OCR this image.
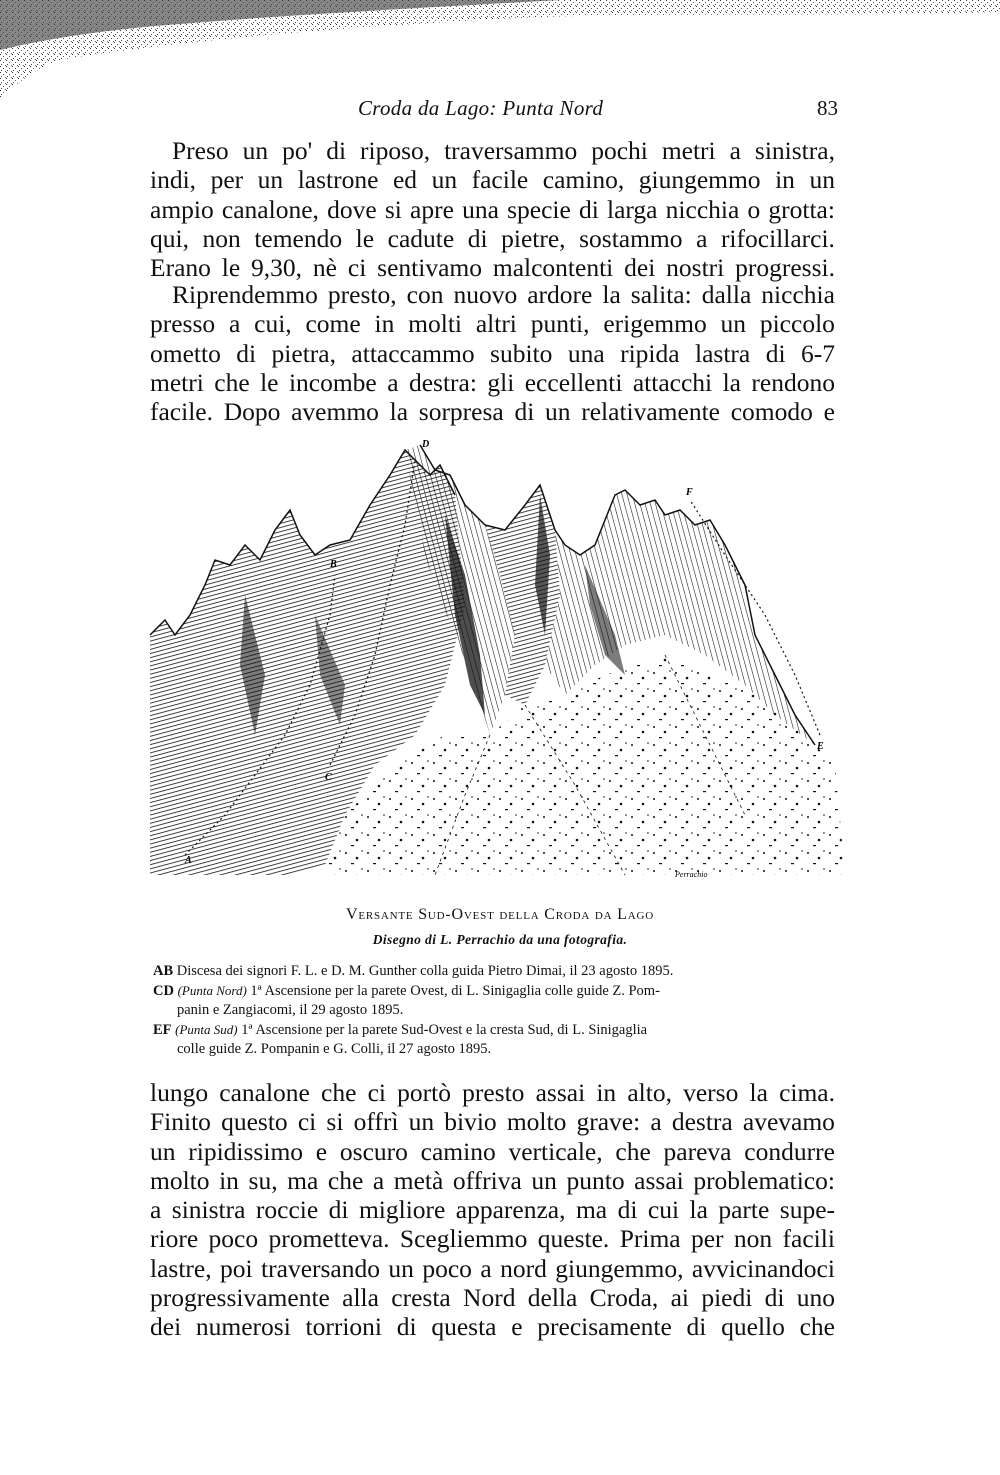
Croda da Lago: Punta Nord	83
Preso un po' di riposo, traversammo pochi metri a sinistra,
indi, per un lastrone ed un facile camino, giungemmo in un
ampio canalone, dove si apre una specie di larga nicchia o grotta:
qui, non temendo le cadute di pietre, sostammo a rifocillarci.
Erano le 9,30, nè ci sentivamo malcontenti dei nostri progressi.
Riprendemmo presto, con nuovo ardore la salita: dalla nicchia
presso a cui, come in molti altri punti, erigemmo un piccolo
ometto di pietra, attaccammo subito una ripida lastra di 6-7
metri che le incombe a destra: gli eccellenti attacchi la rendono
facile. Dopo avemmo la sorpresa di un relativamente comodo e
A
B
C
D
E
F
Perrachio
Versante Sud-Ovest della Croda da Lago
Disegno di L. Perrachio da una fotografia.
AB Discesa dei signori F. L. e D. M. Gunther colla guida Pietro Dimai, il 23 agosto 1895.
CD (Punta Nord) 1ª Ascensione per la parete Ovest, di L. Sinigaglia colle guide Z. Pom-
panin e Zangiacomi, il 29 agosto 1895.
EF (Punta Sud) 1ª Ascensione per la parete Sud-Ovest e la cresta Sud, di L. Sinigaglia
colle guide Z. Pompanin e G. Colli, il 27 agosto 1895.
lungo canalone che ci portò presto assai in alto, verso la cima.
Finito questo ci si offrì un bivio molto grave: a destra avevamo
un ripidissimo e oscuro camino verticale, che pareva condurre
molto in su, ma che a metà offriva un punto assai problematico:
a sinistra roccie di migliore apparenza, ma di cui la parte supe-
riore poco prometteva. Scegliemmo queste. Prima per non facili
lastre, poi traversando un poco a nord giungemmo, avvicinandoci
progressivamente alla cresta Nord della Croda, ai piedi di uno
dei numerosi torrioni di questa e precisamente di quello che
